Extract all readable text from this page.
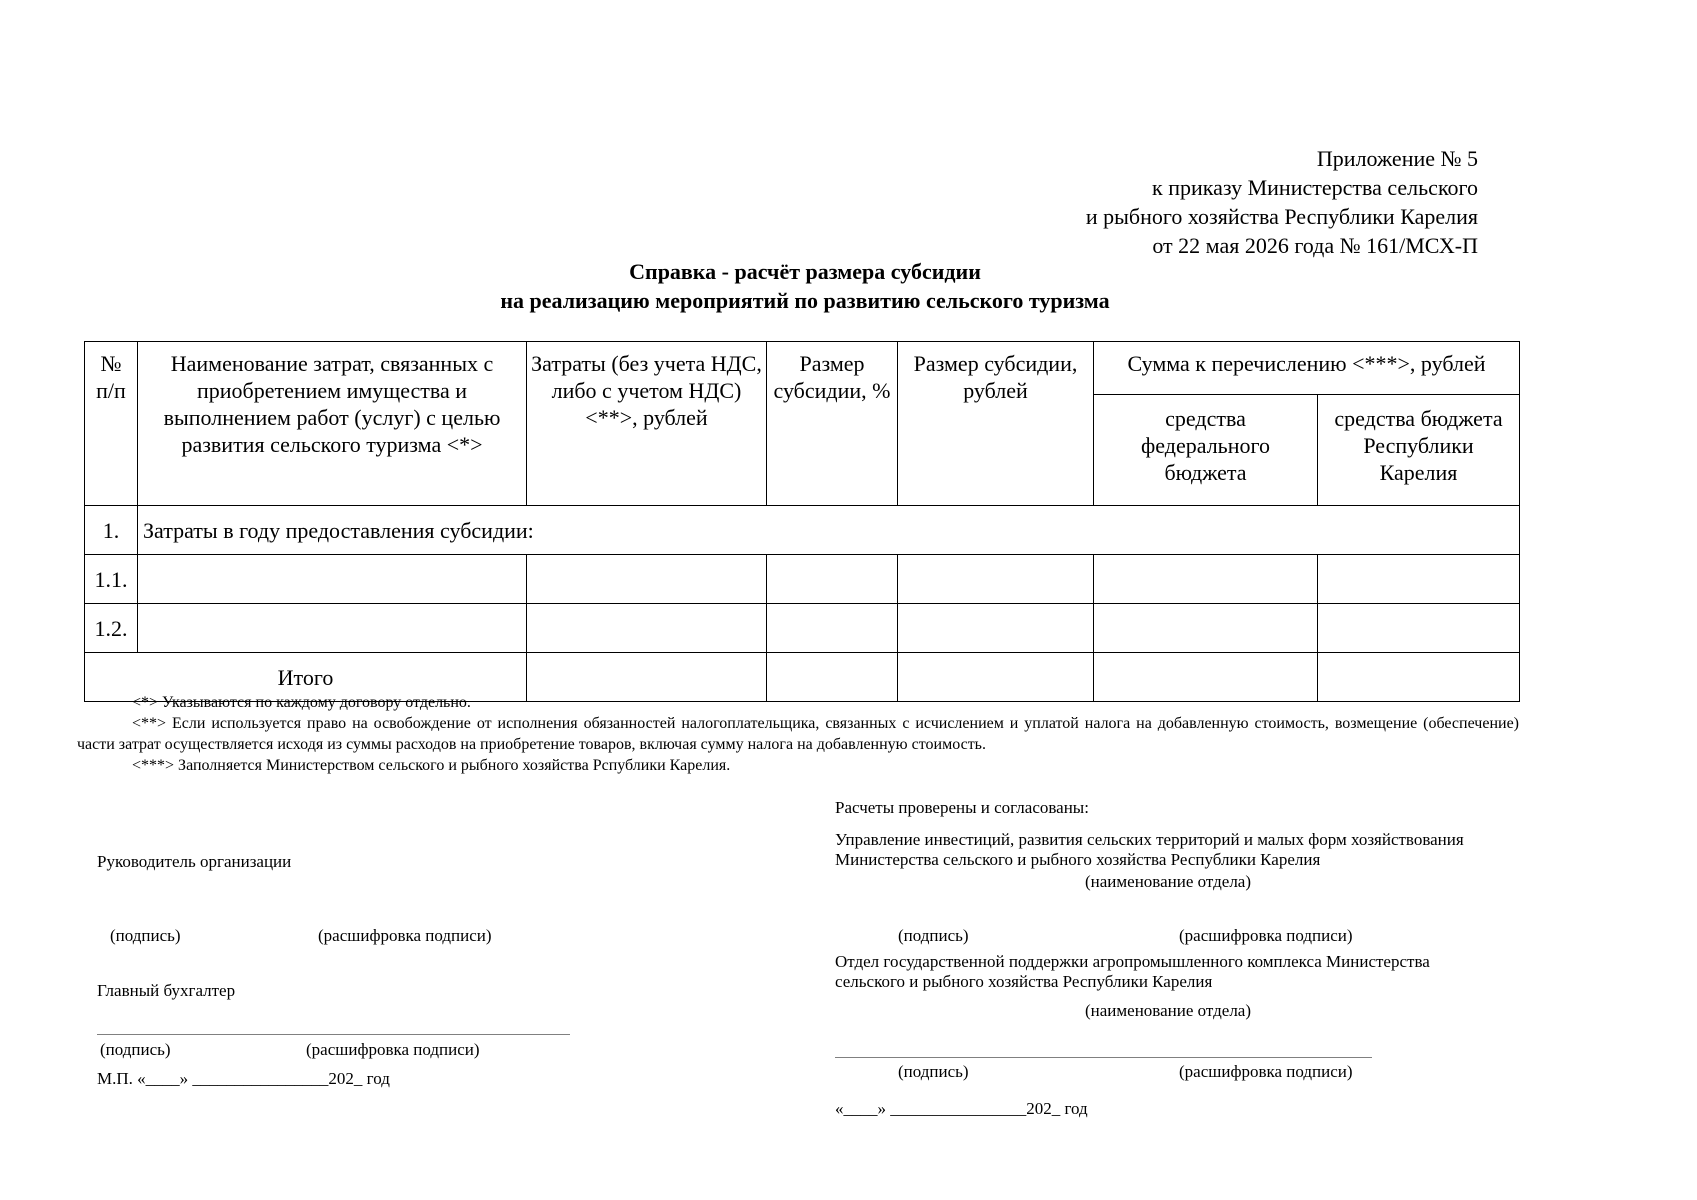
Приложение № 5
к приказу Министерства сельского
и рыбного хозяйства Республики Карелия
от 22 мая 2026 года № 161/МСХ-П
Справка - расчёт размера субсидии
на реализацию мероприятий по развитию сельского туризма
№ п/п	Наименование затрат, связанных с приобретением имущества и выполнением работ (услуг) с целью развития сельского туризма <*>	Затраты (без учета НДС, либо с учетом НДС) <**>, рублей	Размер субсидии, %	Размер субсидии, рублей	Сумма к перечислению <***>, рублей	
					средства федерального бюджета	средства бюджета Республики Карелия
1.	Затраты в году предоставления субсидии:					
1.1.						
1.2.						
Итого						

<*> Указываются по каждому договору отдельно.

<**> Если используется право на освобождение от исполнения обязанностей налогоплательщика, связанных с исчислением и уплатой налога на добавленную стоимость, возмещение (обеспечение) части затрат осуществляется исходя из суммы расходов на приобретение товаров, включая сумму налога на добавленную стоимость.

<***> Заполняется Министерством сельского и рыбного хозяйства Рспублики Карелия.

Руководитель организации
(подпись)	(расшифровка подписи)
Главный бухгалтер
(подпись)	(расшифровка подписи)
М.П. «____» ________________202_ год
Расчеты проверены и согласованы:
Управление инвестиций, развития сельских территорий и малых форм хозяйствования
Министерства сельского и рыбного хозяйства Республики Карелия
(наименование отдела)
(подпись)	(расшифровка подписи)
Отдел государственной поддержки агропромышленного комплекса Министерства
сельского и рыбного хозяйства Республики Карелия
(наименование отдела)
(подпись)	(расшифровка подписи)
«____» ________________202_ год
